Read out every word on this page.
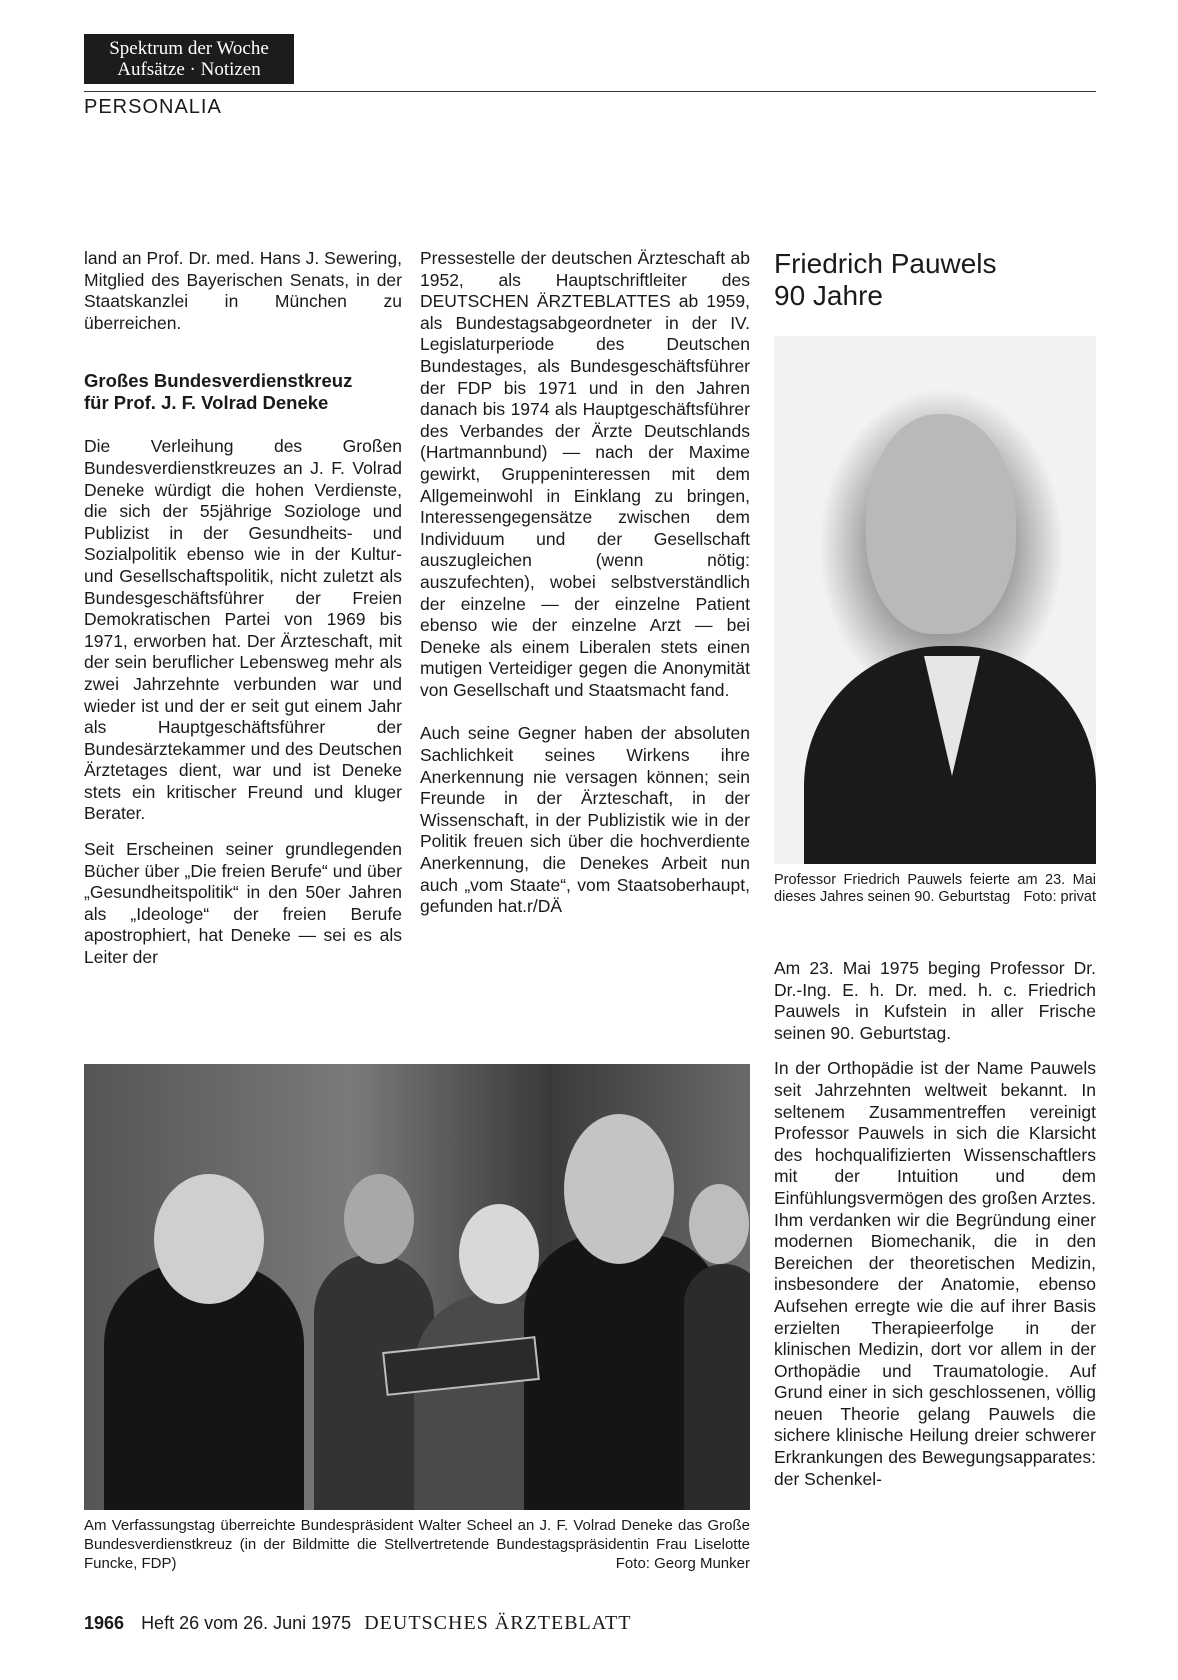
Spektrum der Woche
Aufsätze · Notizen
PERSONALIA

land an Prof. Dr. med. Hans J. Sewering, Mitglied des Bayerischen Senats, in der Staatskanzlei in München zu überreichen.

Großes Bundesverdienstkreuz
für Prof. J. F. Volrad Deneke

Die Verleihung des Großen Bundesverdienstkreuzes an J. F. Volrad Deneke würdigt die hohen Verdienste, die sich der 55jährige Soziologe und Publizist in der Gesundheits- und Sozialpolitik ebenso wie in der Kultur- und Gesellschaftspolitik, nicht zuletzt als Bundesgeschäftsführer der Freien Demokratischen Partei von 1969 bis 1971, erworben hat. Der Ärzteschaft, mit der sein beruflicher Lebensweg mehr als zwei Jahrzehnte verbunden war und wieder ist und der er seit gut einem Jahr als Hauptgeschäftsführer der Bundesärztekammer und des Deutschen Ärztetages dient, war und ist Deneke stets ein kritischer Freund und kluger Berater.

Seit Erscheinen seiner grundlegenden Bücher über „Die freien Berufe“ und über „Gesundheitspolitik“ in den 50er Jahren als „Ideologe“ der freien Berufe apostrophiert, hat Deneke — sei es als Leiter der

Pressestelle der deutschen Ärzteschaft ab 1952, als Hauptschriftleiter des DEUTSCHEN ÄRZTEBLATTES ab 1959, als Bundestagsabgeordneter in der IV. Legislaturperiode des Deutschen Bundestages, als Bundesgeschäftsführer der FDP bis 1971 und in den Jahren danach bis 1974 als Hauptgeschäftsführer des Verbandes der Ärzte Deutschlands (Hartmannbund) — nach der Maxime gewirkt, Gruppeninteressen mit dem Allgemeinwohl in Einklang zu bringen, Interessengegensätze zwischen dem Individuum und der Gesellschaft auszugleichen (wenn nötig: auszufechten), wobei selbstverständlich der einzelne — der einzelne Patient ebenso wie der einzelne Arzt — bei Deneke als einem Liberalen stets einen mutigen Verteidiger gegen die Anonymität von Gesellschaft und Staatsmacht fand.

Auch seine Gegner haben der absoluten Sachlichkeit seines Wirkens ihre Anerkennung nie versagen können; sein Freunde in der Ärzteschaft, in der Wissenschaft, in der Publizistik wie in der Politik freuen sich über die hochverdiente Anerkennung, die Denekes Arbeit nun auch „vom Staate“, vom Staatsoberhaupt, gefunden hat.r/DÄ

Friedrich Pauwels
90 Jahre
Professor Friedrich Pauwels feierte am 23. Mai dieses Jahres seinen 90. Geburtstag Foto: privat

Am 23. Mai 1975 beging Professor Dr. Dr.-Ing. E. h. Dr. med. h. c. Friedrich Pauwels in Kufstein in aller Frische seinen 90. Geburtstag.

In der Orthopädie ist der Name Pauwels seit Jahrzehnten weltweit bekannt. In seltenem Zusammentreffen vereinigt Professor Pauwels in sich die Klarsicht des hochqualifizierten Wissenschaftlers mit der Intuition und dem Einfühlungsvermögen des großen Arztes. Ihm verdanken wir die Begründung einer modernen Biomechanik, die in den Bereichen der theoretischen Medizin, insbesondere der Anatomie, ebenso Aufsehen erregte wie die auf ihrer Basis erzielten Therapieerfolge in der klinischen Medizin, dort vor allem in der Orthopädie und Traumatologie. Auf Grund einer in sich geschlossenen, völlig neuen Theorie gelang Pauwels die sichere klinische Heilung dreier schwerer Erkrankungen des Bewegungsapparates: der Schenkel-

Am Verfassungstag überreichte Bundespräsident Walter Scheel an J. F. Volrad Deneke das Große Bundesverdienstkreuz (in der Bildmitte die Stellvertretende Bundestagspräsidentin Frau Liselotte Funcke, FDP)	Foto: Georg Munker
1966 Heft 26 vom 26. Juni 1975 DEUTSCHES ÄRZTEBLATT
